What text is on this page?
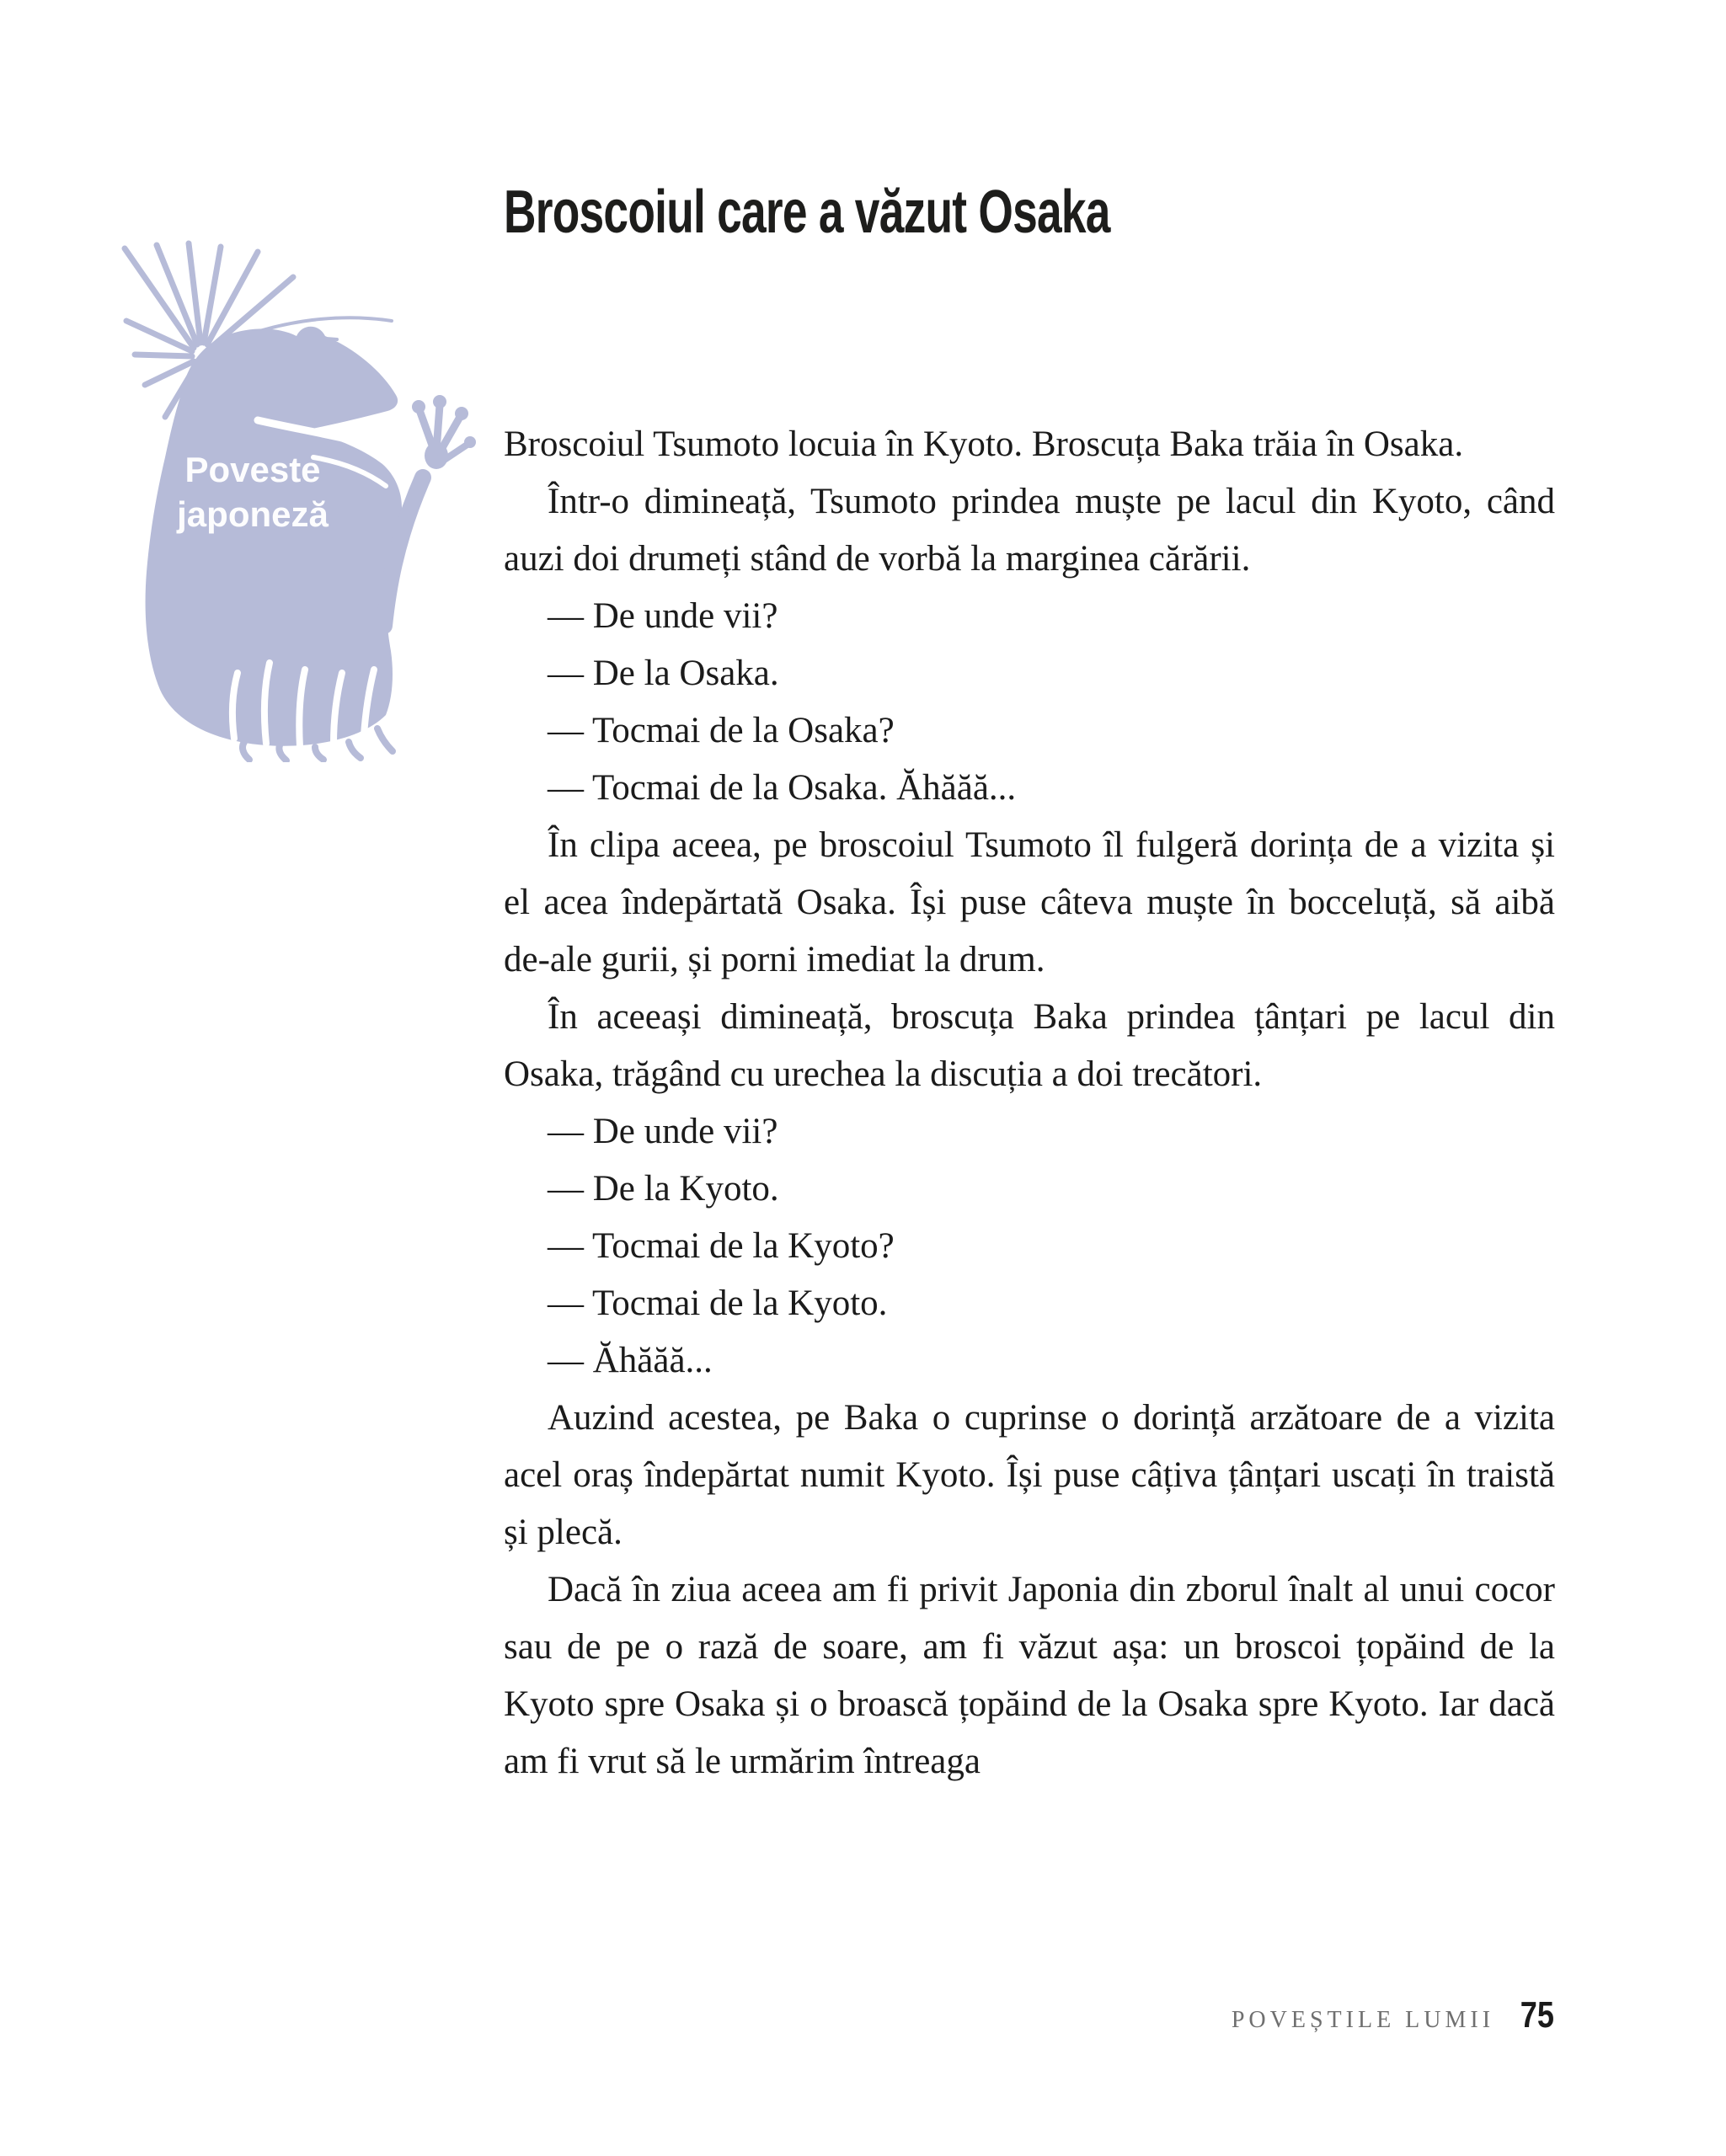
Broscoiul care a văzut Osaka
Poveste
japoneză

Broscoiul Tsumoto locuia în Kyoto. Broscuța Baka trăia în Osaka.

Într-o dimineață, Tsumoto prindea muște pe lacul din Kyoto, când auzi doi drumeți stând de vorbă la marginea cărării.

— De unde vii?

— De la Osaka.

— Tocmai de la Osaka?

— Tocmai de la Osaka. Ăhăăă...

În clipa aceea, pe broscoiul Tsumoto îl fulgeră dorința de a vizita și el acea îndepărtată Osaka. Își puse câteva muște în bocceluță, să aibă de-ale gurii, și porni imediat la drum.

În aceeași dimineață, broscuța Baka prindea țânțari pe lacul din Osaka, trăgând cu urechea la discuția a doi trecători.

— De unde vii?

— De la Kyoto.

— Tocmai de la Kyoto?

— Tocmai de la Kyoto.

— Ăhăăă...

Auzind acestea, pe Baka o cuprinse o dorință arzătoare de a vizita acel oraș îndepărtat numit Kyoto. Își puse câțiva țânțari uscați în traistă și plecă.

Dacă în ziua aceea am fi privit Japonia din zborul înalt al unui cocor sau de pe o rază de soare, am fi văzut așa: un broscoi țopăind de la Kyoto spre Osaka și o broască țopăind de la Osaka spre Kyoto. Iar dacă am fi vrut să le urmărim întreaga

POVEȘTILE LUMII 75
